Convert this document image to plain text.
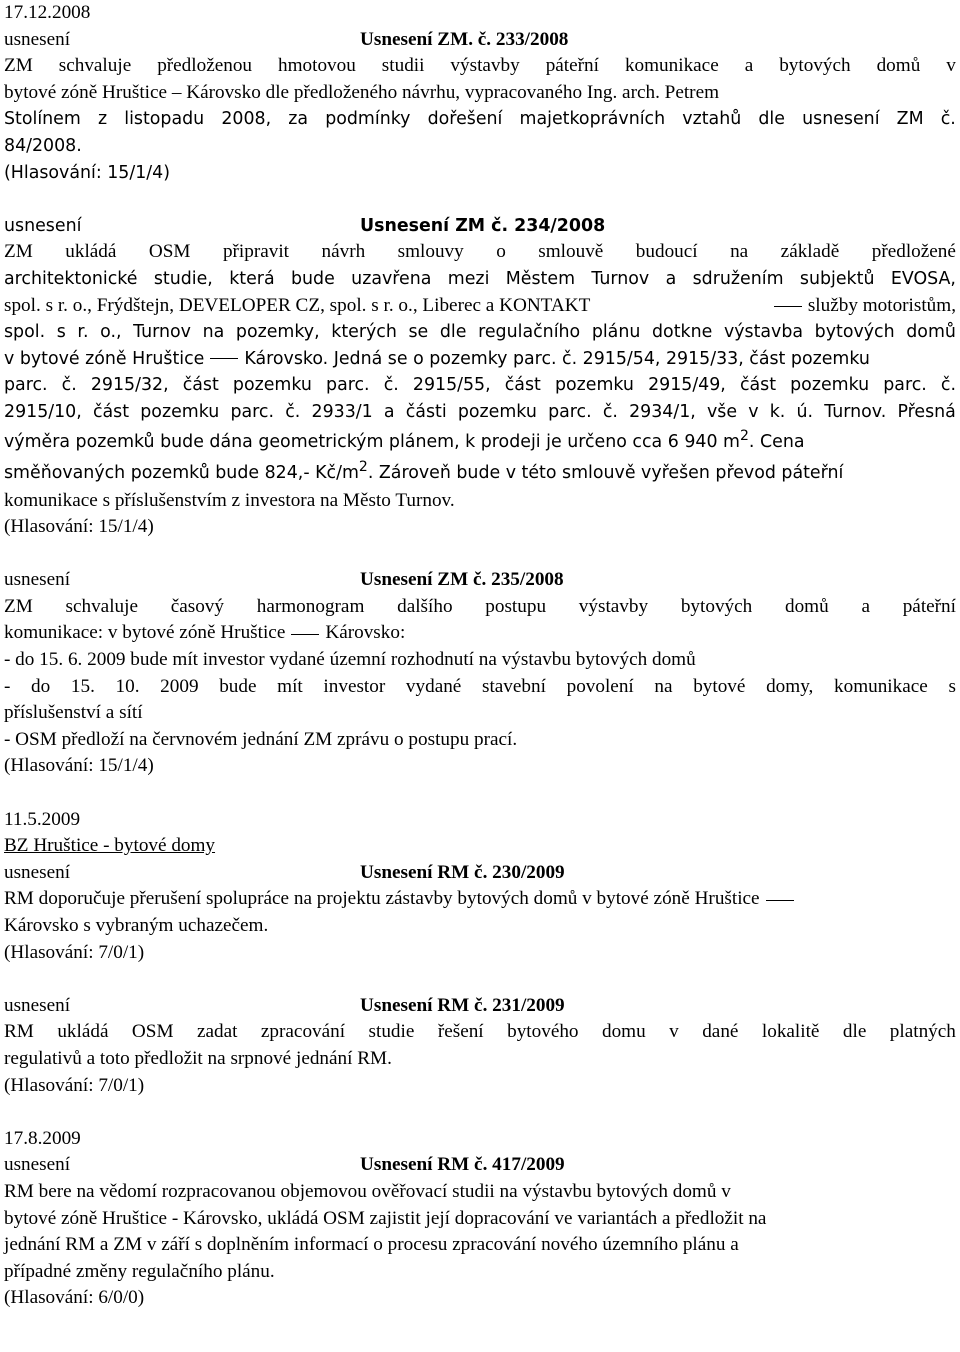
17.12.2008
usnesení	Usnesení ZM. č. 233/2008
ZM schvaluje předloženou hmotovou studii výstavby páteřní komunikace a bytových domů v
bytové zóně Hruštice – Károvsko dle předloženého návrhu, vypracovaného Ing. arch. Petrem
Stolínem z listopadu 2008, za podmínky dořešení majetkoprávních vztahů dle usnesení ZM č.
84/2008.
(Hlasování: 15/1/4)
usnesení	Usnesení ZM č. 234/2008
ZM ukládá OSM připravit návrh smlouvy o smlouvě budoucí na základě předložené
architektonické studie, která bude uzavřena mezi Městem Turnov a sdružením subjektů EVOSA,
spol. s r. o., Frýdštejn, DEVELOPER CZ, spol. s r. o., Liberec a KONTAKT	služby motoristům,
spol. s r. o., Turnov na pozemky, kterých se dle regulačního plánu dotkne výstavba bytových domů
v bytové zóně Hruštice Károvsko. Jedná se o pozemky parc. č. 2915/54, 2915/33, část pozemku
parc. č. 2915/32, část pozemku parc. č. 2915/55, část pozemku 2915/49, část pozemku parc. č.
2915/10, část pozemku parc. č. 2933/1 a části pozemku parc. č. 2934/1, vše v k. ú. Turnov. Přesná
výměra pozemků bude dána geometrickým plánem, k prodeji je určeno cca 6 940 $m^2$. Cena
směňovaných pozemků bude 824,- $Kč/m^2$. Zároveň bude v této smlouvě vyřešen převod páteřní
komunikace s příslušenstvím z investora na Město Turnov.
(Hlasování: 15/1/4)
usnesení	Usnesení ZM č. 235/2008
ZM schvaluje časový harmonogram dalšího postupu výstavby bytových domů a páteřní
komunikace: v bytové zóně Hruštice Károvsko:
- do 15. 6. 2009 bude mít investor vydané územní rozhodnutí na výstavbu bytových domů
- do 15. 10. 2009 bude mít investor vydané stavební povolení na bytové domy, komunikace s
příslušenství a sítí
- OSM předloží na červnovém jednání ZM zprávu o postupu prací.
(Hlasování: 15/1/4)
11.5.2009
BZ Hruštice - bytové domy
usnesení	Usnesení RM č. 230/2009
RM doporučuje přerušení spolupráce na projektu zástavby bytových domů v bytové zóně Hruštice
Károvsko s vybraným uchazečem.
(Hlasování: 7/0/1)
usnesení	Usnesení RM č. 231/2009
RM ukládá OSM zadat zpracování studie řešení bytového domu v dané lokalitě dle platných
regulativů a toto předložit na srpnové jednání RM.
(Hlasování: 7/0/1)
17.8.2009
usnesení	Usnesení RM č. 417/2009
RM bere na vědomí rozpracovanou objemovou ověřovací studii na výstavbu bytových domů v
bytové zóně Hruštice - Károvsko, ukládá OSM zajistit její dopracování ve variantách a předložit na
jednání RM a ZM v září s doplněním informací o procesu zpracování nového územního plánu a
případné změny regulačního plánu.
(Hlasování: 6/0/0)
